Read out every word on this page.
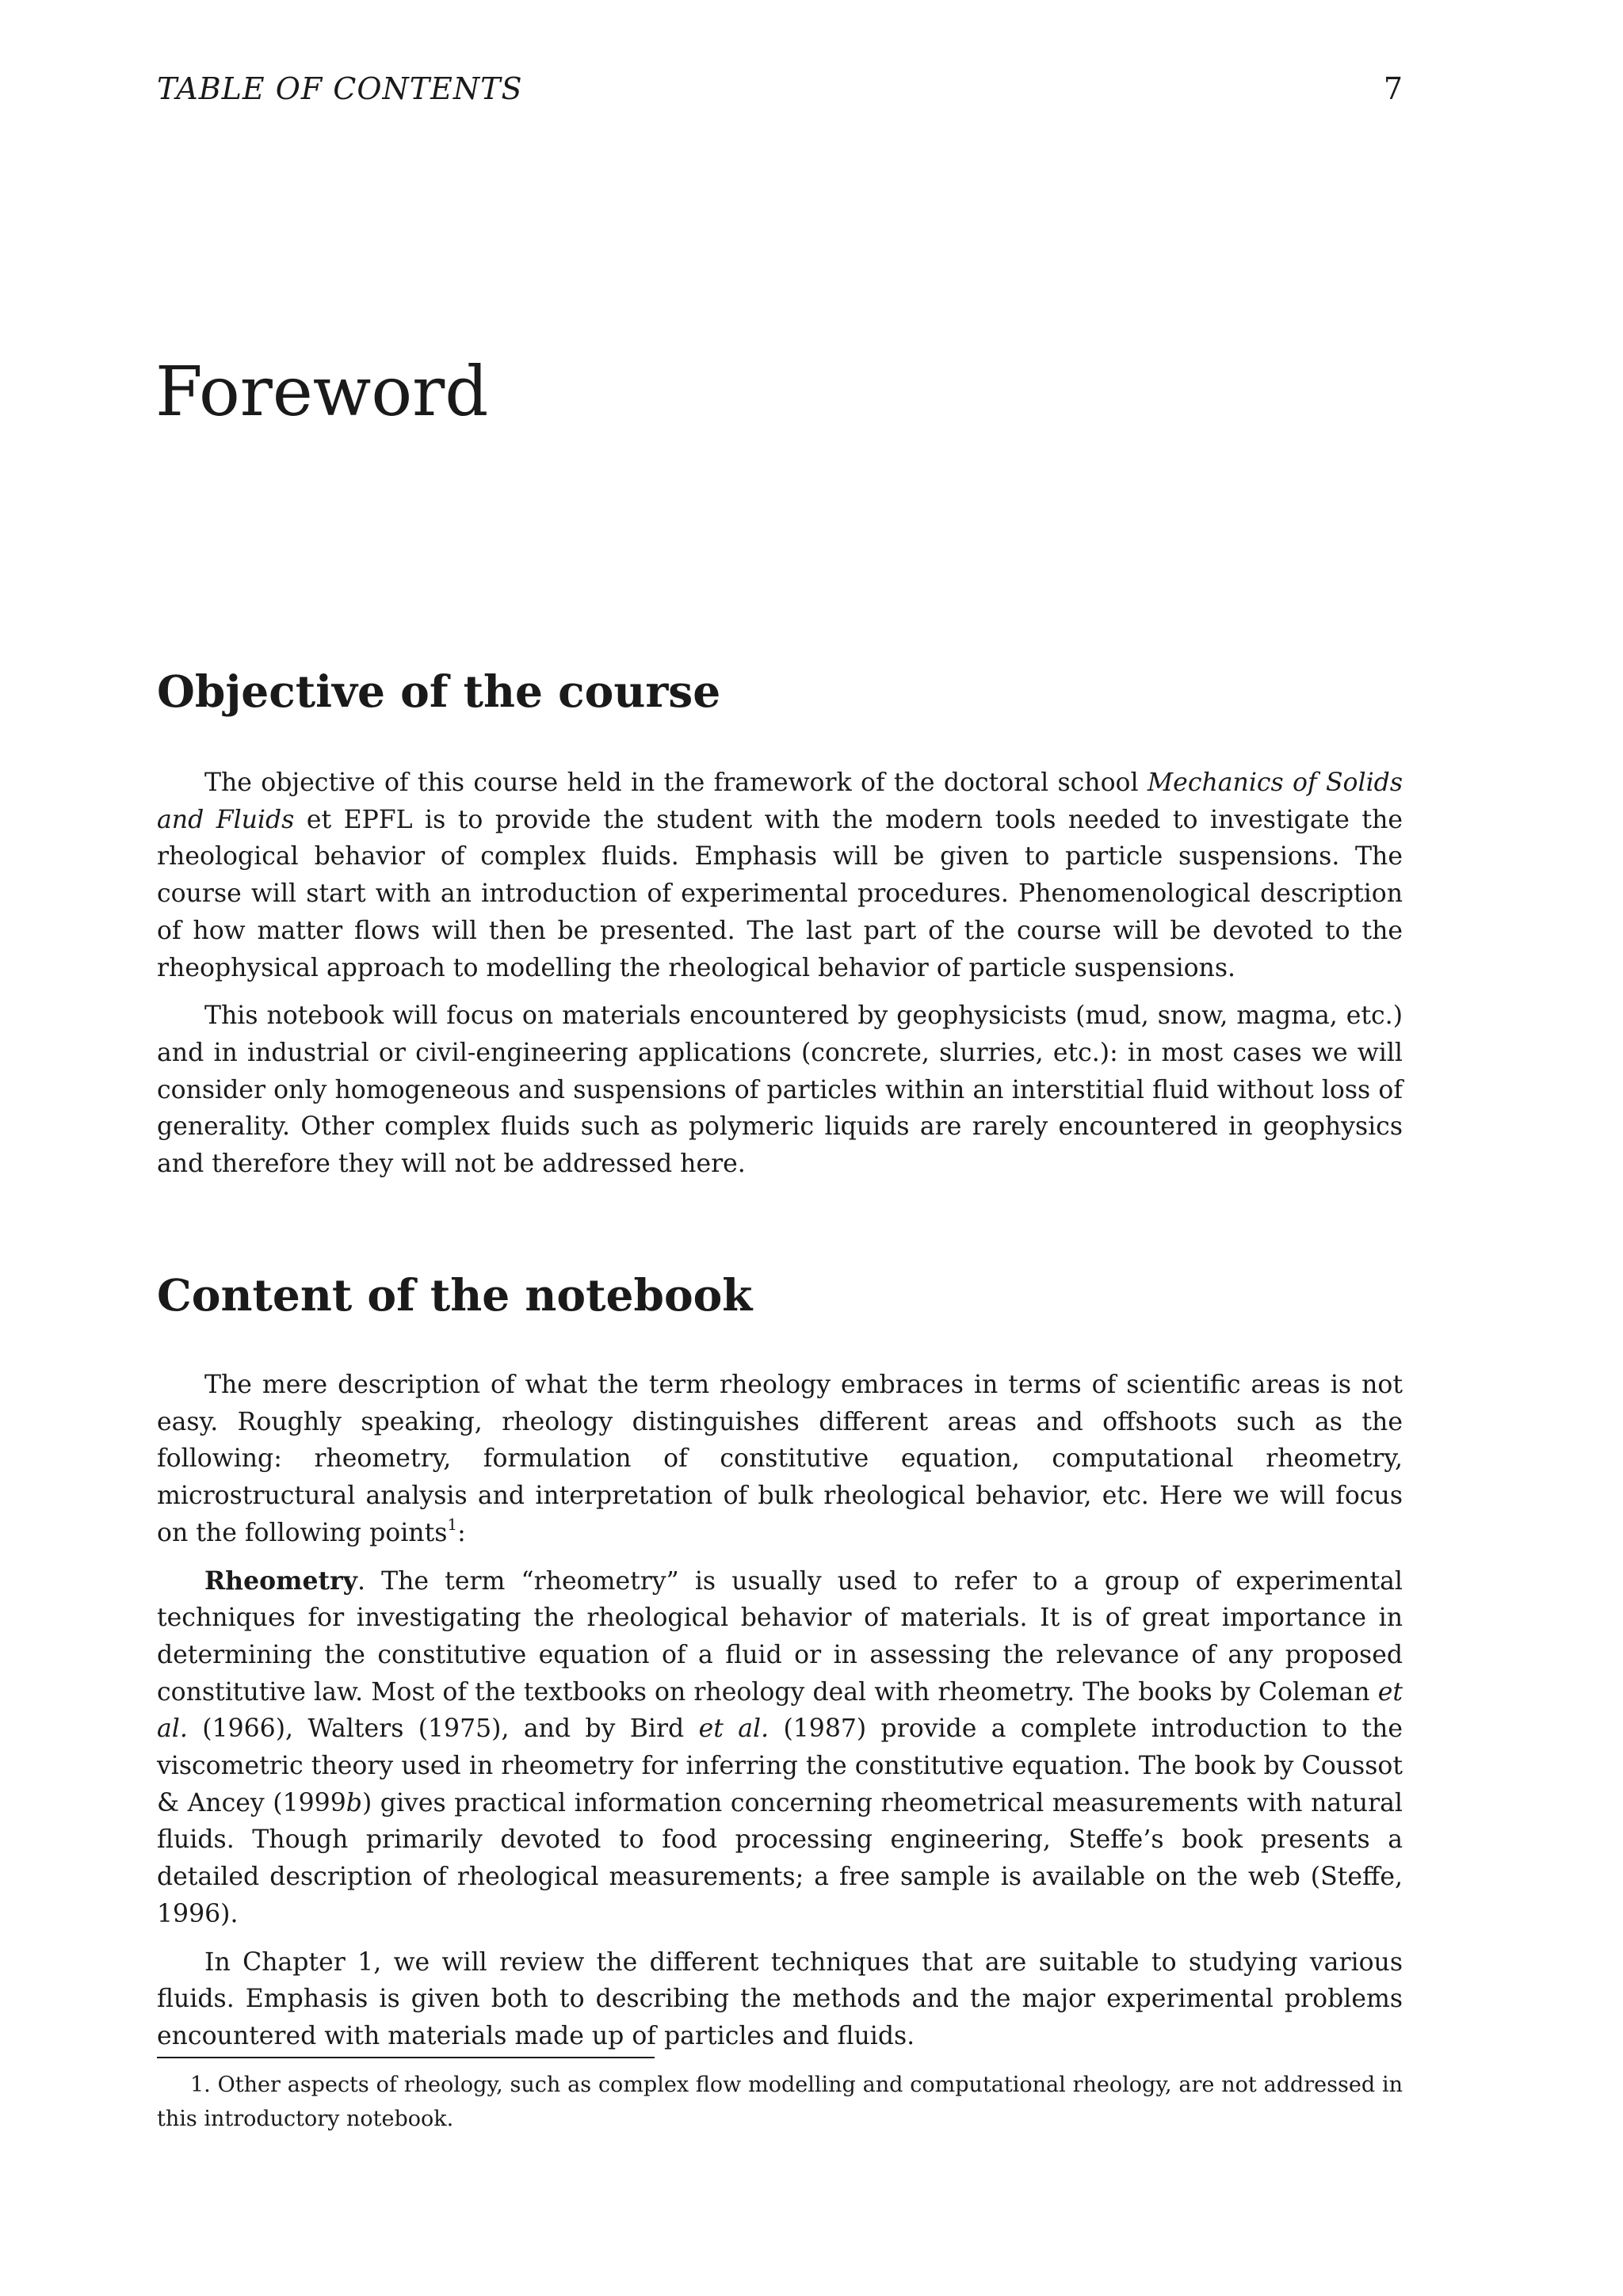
TABLE OF CONTENTS	7
Foreword
Objective of the course

The objective of this course held in the framework of the doctoral school Mechanics of Solids and Fluids et EPFL is to provide the student with the modern tools needed to investigate the rheological behavior of complex fluids. Emphasis will be given to particle suspensions. The course will start with an introduction of experimental procedures. Phenomenological description of how matter flows will then be presented. The last part of the course will be devoted to the rheophysical approach to modelling the rheological behavior of particle suspensions.

This notebook will focus on materials encountered by geophysicists (mud, snow, magma, etc.) and in industrial or civil-engineering applications (concrete, slurries, etc.): in most cases we will consider only homogeneous and suspensions of particles within an interstitial fluid without loss of generality. Other complex fluids such as polymeric liquids are rarely encountered in geophysics and therefore they will not be addressed here.

Content of the notebook

The mere description of what the term rheology embraces in terms of scientific areas is not easy. Roughly speaking, rheology distinguishes different areas and offshoots such as the following: rheometry, formulation of constitutive equation, computational rheometry, microstructural analysis and interpretation of bulk rheological behavior, etc. Here we will focus on the following points$^1$:

Rheometry. The term “rheometry” is usually used to refer to a group of experimental techniques for investigating the rheological behavior of materials. It is of great importance in determining the constitutive equation of a fluid or in assessing the relevance of any proposed constitutive law. Most of the textbooks on rheology deal with rheometry. The books by Coleman et al. (1966), Walters (1975), and by Bird et al. (1987) provide a complete introduction to the viscometric theory used in rheometry for inferring the constitutive equation. The book by Coussot & Ancey (1999b) gives practical information concerning rheometrical measurements with natural fluids. Though primarily devoted to food processing engineering, Steffe’s book presents a detailed description of rheological measurements; a free sample is available on the web (Steffe, 1996).

In Chapter 1, we will review the different techniques that are suitable to studying various fluids. Emphasis is given both to describing the methods and the major experimental problems encountered with materials made up of particles and fluids.

1. Other aspects of rheology, such as complex flow modelling and computational rheology, are not addressed in this introductory notebook.
